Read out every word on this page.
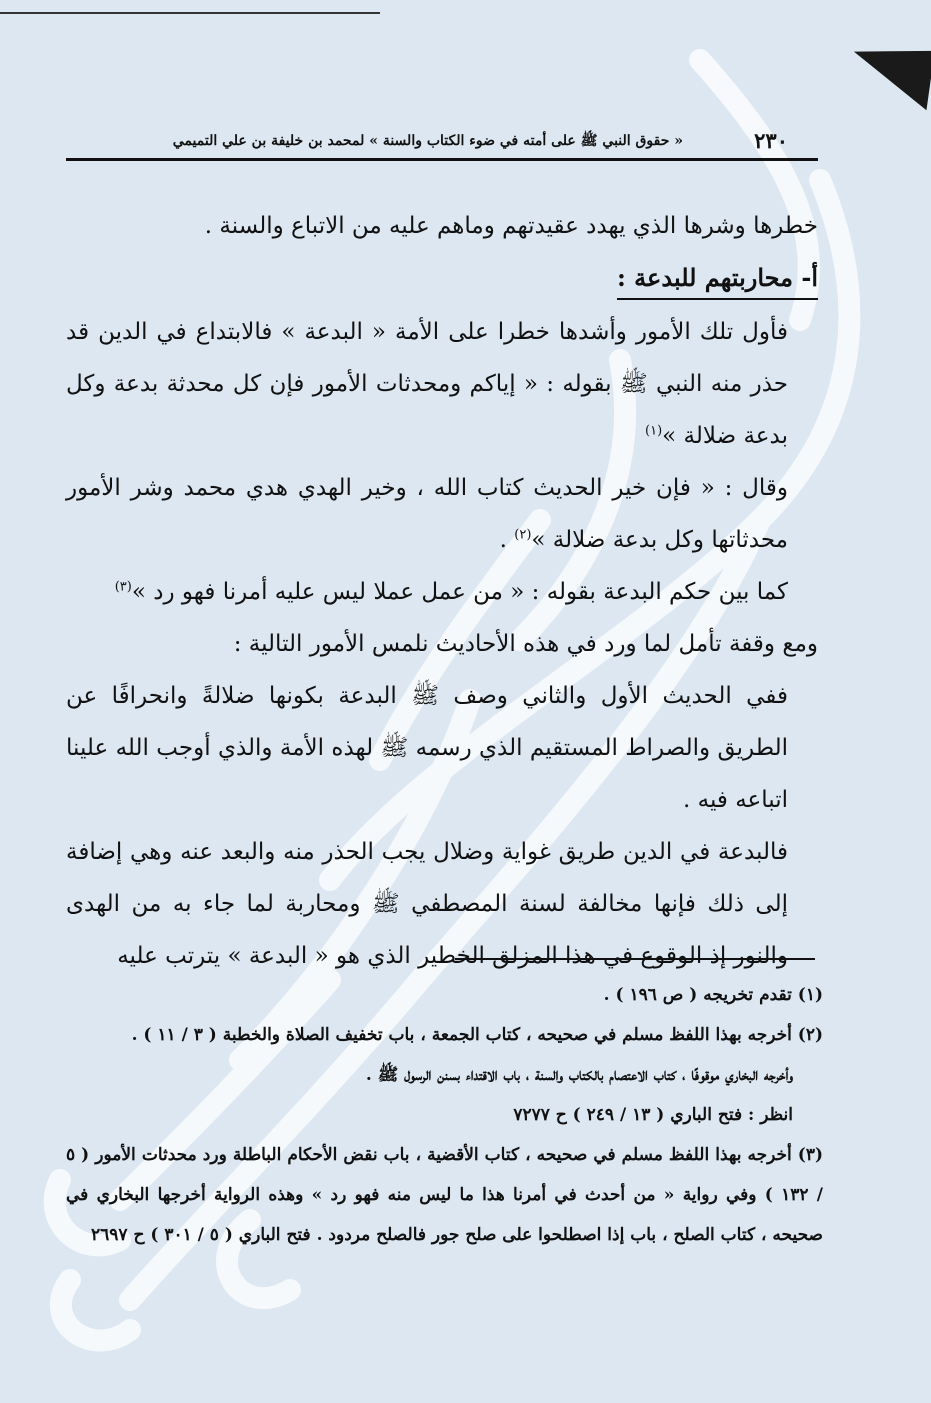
٢٣٠
« حقوق النبي ﷺ على أمته في ضوء الكتاب والسنة » لمحمد بن خليفة بن علي التميمي

خطرها وشرها الذي يهدد عقيدتهم وماهم عليه من الاتباع والسنة .

أ- محاربتهم للبدعة :

فأول تلك الأمور وأشدها خطرا على الأمة « البدعة » فالابتداع في الدين قد حذر منه النبي ﷺ بقوله : « إياكم ومحدثات الأمور فإن كل محدثة بدعة وكل بدعة ضلالة »$^{(١)}$

وقال : « فإن خير الحديث كتاب الله ، وخير الهدي هدي محمد وشر الأمور محدثاتها وكل بدعة ضلالة »$^{(٢)}$ .

كما بين حكم البدعة بقوله : « من عمل عملا ليس عليه أمرنا فهو رد »$^{(٣)}$

ومع وقفة تأمل لما ورد في هذه الأحاديث نلمس الأمور التالية :

ففي الحديث الأول والثاني وصف ﷺ البدعة بكونها ضلالةً وانحرافًا عن الطريق والصراط المستقيم الذي رسمه ﷺ لهذه الأمة والذي أوجب الله علينا اتباعه فيه .

فالبدعة في الدين طريق غواية وضلال يجب الحذر منه والبعد عنه وهي إضافة إلى ذلك فإنها مخالفة لسنة المصطفي ﷺ ومحاربة لما جاء به من الهدى والنور إذ الوقوع في هذا المزلق الخطير الذي هو « البدعة » يترتب عليه

(١) تقدم تخريجه ( ص ١٩٦ ) .

(٢) أخرجه بهذا اللفظ مسلم في صحيحه ، كتاب الجمعة ، باب تخفيف الصلاة والخطبة ( ٣ / ١١ ) .

وأخرجه البخاري موقوفًا ، كتاب الاعتصام بالكتاب والسنة ، باب الاقتداء بسنن الرسول ﷺ .

انظر : فتح الباري ( ١٣ / ٢٤٩ ) ح ٧٢٧٧

(٣) أخرجه بهذا اللفظ مسلم في صحيحه ، كتاب الأقضية ، باب نقض الأحكام الباطلة ورد محدثات الأمور ( ٥ / ١٣٢ ) وفي رواية « من أحدث في أمرنا هذا ما ليس منه فهو رد » وهذه الرواية أخرجها البخاري في صحيحه ، كتاب الصلح ، باب إذا اصطلحوا على صلح جور فالصلح مردود . فتح الباري ( ٥ / ٣٠١ ) ح ٢٦٩٧
